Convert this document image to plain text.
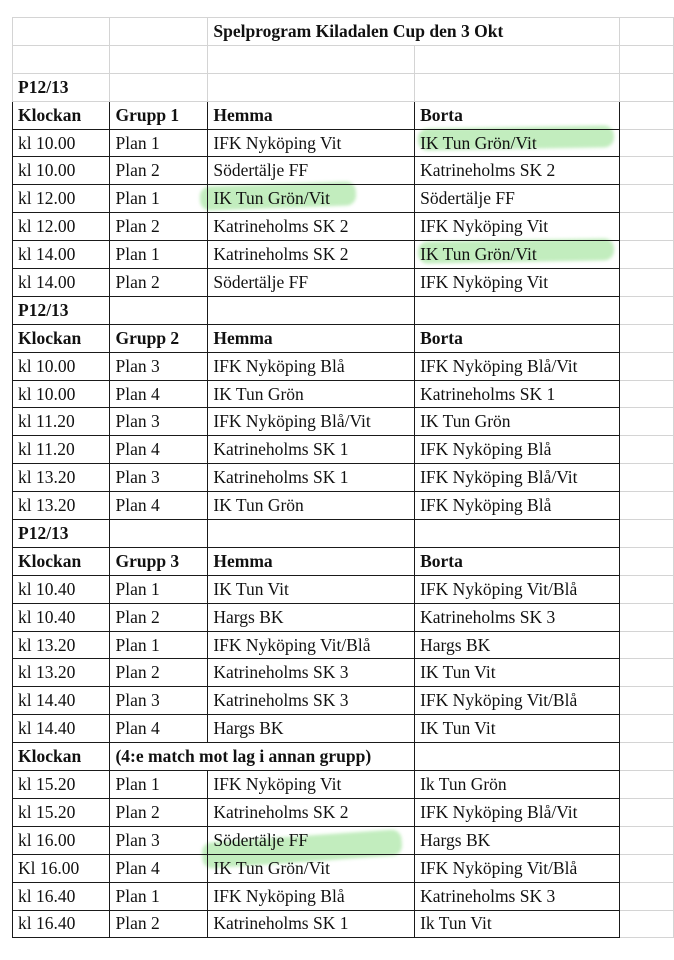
		Spelprogram Kiladalen Cup den 3 Okt		

P12/13				
Klockan	Grupp 1	Hemma	Borta	
kl 10.00	Plan 1	IFK Nyköping Vit	IK Tun Grön/Vit	
kl 10.00	Plan 2	Södertälje FF	Katrineholms SK 2	
kl 12.00	Plan 1	IK Tun Grön/Vit	Södertälje FF	
kl 12.00	Plan 2	Katrineholms SK 2	IFK Nyköping Vit	
kl 14.00	Plan 1	Katrineholms SK 2	IK Tun Grön/Vit	
kl 14.00	Plan 2	Södertälje FF	IFK Nyköping Vit	
P12/13				
Klockan	Grupp 2	Hemma	Borta	
kl 10.00	Plan 3	IFK Nyköping Blå	IFK Nyköping Blå/Vit	
kl 10.00	Plan 4	IK Tun Grön	Katrineholms SK 1	
kl 11.20	Plan 3	IFK Nyköping Blå/Vit	IK Tun Grön	
kl 11.20	Plan 4	Katrineholms SK 1	IFK Nyköping Blå	
kl 13.20	Plan 3	Katrineholms SK 1	IFK Nyköping Blå/Vit	
kl 13.20	Plan 4	IK Tun Grön	IFK Nyköping Blå	
P12/13				
Klockan	Grupp 3	Hemma	Borta	
kl 10.40	Plan 1	IK Tun Vit	IFK Nyköping Vit/Blå	
kl 10.40	Plan 2	Hargs BK	Katrineholms SK 3	
kl 13.20	Plan 1	IFK Nyköping Vit/Blå	Hargs BK	
kl 13.20	Plan 2	Katrineholms SK 3	IK Tun Vit	
kl 14.40	Plan 3	Katrineholms SK 3	IFK Nyköping Vit/Blå	
kl 14.40	Plan 4	Hargs BK	IK Tun Vit	
Klockan	(4:e match mot lag i annan grupp)			
kl 15.20	Plan 1	IFK Nyköping Vit	Ik Tun Grön	
kl 15.20	Plan 2	Katrineholms SK 2	IFK Nyköping Blå/Vit	
kl 16.00	Plan 3	Södertälje FF	Hargs BK	
Kl 16.00	Plan 4	IK Tun Grön/Vit	IFK Nyköping Vit/Blå	
kl 16.40	Plan 1	IFK Nyköping Blå	Katrineholms SK 3	
kl 16.40	Plan 2	Katrineholms SK 1	Ik Tun Vit	
